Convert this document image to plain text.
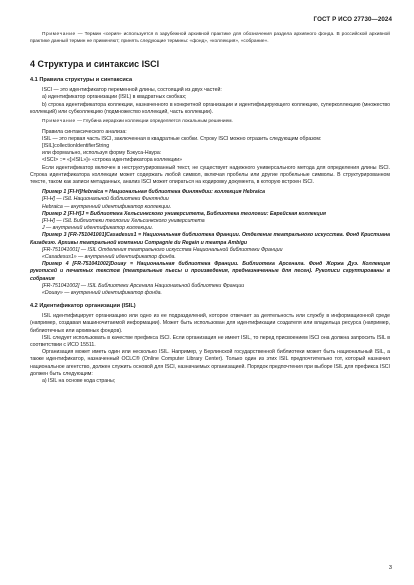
ГОСТ Р ИСО 27730—2024

Примечание — Термин «серия» используется в зарубежной архивной практике для обозначения раздела архивного фонда. В российской архивной практике данный термин не применяют; принять следующие термины: «фонд», «коллекция», «собрание».

4 Структура и синтаксис ISCI
4.1 Правила структуры и синтаксиса

ISCI — это идентификатор переменной длины, состоящий из двух частей:

а) идентификатор организации (ISIL) в квадратных скобках;

b) строка идентификатора коллекции, назначенного в конкретной организации и идентифицирующего коллекцию, суперколлекцию (множество коллекций) или субколлекцию (подмножество коллекций, часть коллекции).

Примечание — Глубина иерархии коллекции определяется локальным решением.

Правила синтаксического анализа:

ISIL — это первая часть ISCI, заключенная в квадратные скобки. Строку ISCI можно отразить следующим образом:

[ISIL]collectionIdentifierString

или формально, используя форму Бэкуса-Наура:

<ISCI> ::= «[»ISIL»]» «строка идентификатора коллекции»

Если идентификатор включен в неструктурированный текст, не существует надежного универсального метода для определения длины ISCI. Строка идентификатора коллекции может содержать любой символ, включая пробелы или другие пробельные символы. В структурированном тексте, таком как записи метаданных, анализ ISCI может опираться на кодировку документа, в которую встроен ISCI.

Пример 1 [FI-H]Hebraica = Национальная библиотека Финляндии: коллекция Hebraica

[FI-H] — ISIL Национальной библиотеки Финляндии

Hebraica — внутренний идентификатор коллекции.

Пример 2 [FI-H]J = Библиотека Хельсинкского университета, Библиотека теологии: Еврейская коллекция

[FI-H] — ISIL Библиотеки теологии Хельсинкского университета

J — внутренний идентификатор коллекции.

Пример 3 [FR-751041001]Casadesus1 = Национальная библиотека Франции. Отделение театрального искусства. Фонд Кристиана Казадезю. Архивы театральной компании Compagnie du Regain и театра Ambigu

[FR-751041001] — ISIL Отделения театрального искусства Национальной библиотеки Франции

«Casadesus1» — внутренний идентификатор фонда.

Пример 4 [FR-751041002]Douay = Национальная библиотека Франции. Библиотека Арсенала. Фонд Жоржа Дуэ. Коллекция рукописей и печатных текстов (театральные пьесы и произведения, предназначенные для песен). Рукописи сгруппированы в собрания

[FR-751041002] — ISIL Библиотеки Арсенала Национальной библиотеки Франции

«Douay» — внутренний идентификатор фонда.

4.2 Идентификатор организации (ISIL)

ISIL идентифицирует организацию или одно из ее подразделений, которое отвечает за деятельность или службу в информационной среде (например, создавая машиночитаемой информации). Может быть использован для идентификации создателя или владельца ресурса (например, библиотечных или архивных фондов).

ISIL следует использовать в качестве префикса ISCI. Если организация не имеет ISIL, то перед присвоением ISCI она должна запросить ISIL в соответствии с ИСО 15511.

Организация может иметь один или несколько ISIL. Например, у Берлинской государственной библиотеки может быть национальный ISIL, а также идентификатор, назначенный OCLC® (Online Computer Library Center). Только один из этих ISIL предпочтительно тот, который назначил национальное агентство, должен служить основой для ISCI, назначаемых организацией. Порядок предпочтения при выборе ISIL для префикса ISCI должен быть следующим:

а) ISIL на основе кода страны;

3
